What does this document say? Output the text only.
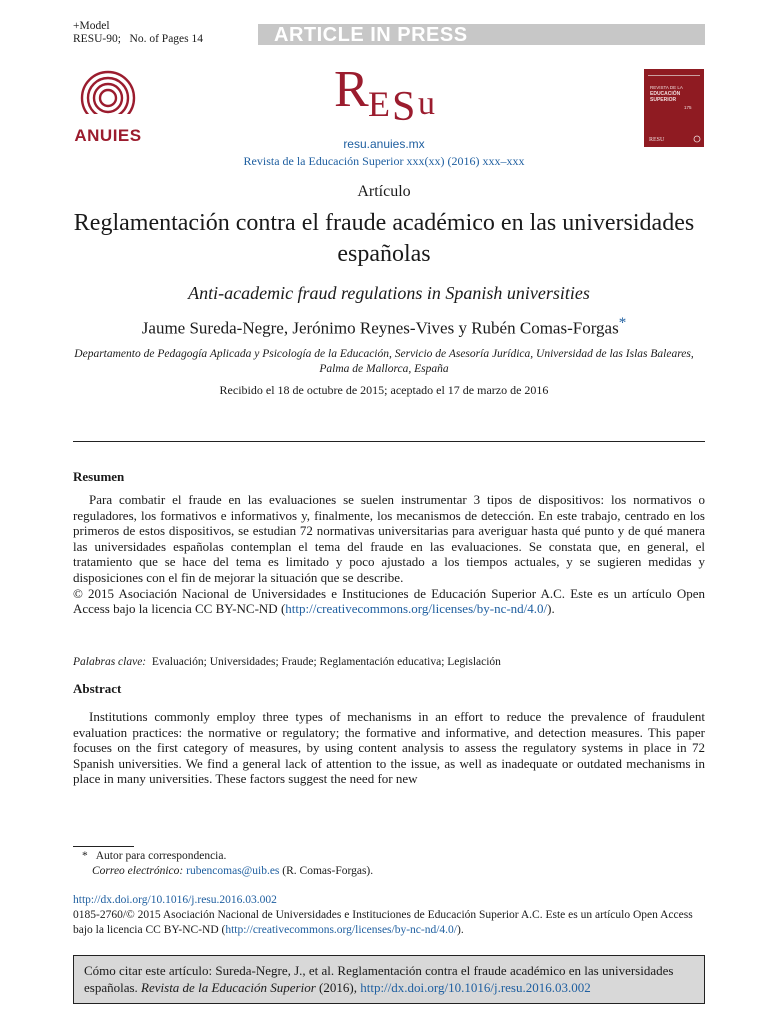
+Model
RESU-90; No. of Pages 14	ARTICLE IN PRESS
ANUIES
R E S u
resu.anuies.mx
Revista de la Educación Superior xxx(xx) (2016) xxx–xxx
REVISTA DE LA
EDUCACIÓN
SUPERIOR
175
RESU
Artículo
Reglamentación contra el fraude académico en las universidades españolas
Anti-academic fraud regulations in Spanish universities
Jaume Sureda-Negre, Jerónimo Reynes-Vives y Rubén Comas-Forgas*
Departamento de Pedagogía Aplicada y Psicología de la Educación, Servicio de Asesoría Jurídica, Universidad de las Islas Baleares, Palma de Mallorca, España
Recibido el 18 de octubre de 2015; aceptado el 17 de marzo de 2016
Resumen
Para combatir el fraude en las evaluaciones se suelen instrumentar 3 tipos de dispositivos: los normativos o reguladores, los formativos e informativos y, finalmente, los mecanismos de detección. En este trabajo, centrado en los primeros de estos dispositivos, se estudian 72 normativas universitarias para averiguar hasta qué punto y de qué manera las universidades españolas contemplan el tema del fraude en las evaluaciones. Se constata que, en general, el tratamiento que se hace del tema es limitado y poco ajustado a los tiempos actuales, y se sugieren medidas y disposiciones con el fin de mejorar la situación que se describe.
© 2015 Asociación Nacional de Universidades e Instituciones de Educación Superior A.C. Este es un artículo Open Access bajo la licencia CC BY-NC-ND (http://creativecommons.org/licenses/by-nc-nd/4.0/).
Palabras clave: Evaluación; Universidades; Fraude; Reglamentación educativa; Legislación
Abstract
Institutions commonly employ three types of mechanisms in an effort to reduce the prevalence of fraudulent evaluation practices: the normative or regulatory; the formative and informative, and detection measures. This paper focuses on the first category of measures, by using content analysis to assess the regulatory systems in place in 72 Spanish universities. We find a general lack of attention to the issue, as well as inadequate or outdated mechanisms in place in many universities. These factors suggest the need for new
* Autor para correspondencia.
Correo electrónico: rubencomas@uib.es (R. Comas-Forgas).
http://dx.doi.org/10.1016/j.resu.2016.03.002
0185-2760/© 2015 Asociación Nacional de Universidades e Instituciones de Educación Superior A.C. Este es un artículo Open Access bajo la licencia CC BY-NC-ND (http://creativecommons.org/licenses/by-nc-nd/4.0/).
Cómo citar este artículo: Sureda-Negre, J., et al. Reglamentación contra el fraude académico en las universidades españolas. Revista de la Educación Superior (2016), http://dx.doi.org/10.1016/j.resu.2016.03.002
